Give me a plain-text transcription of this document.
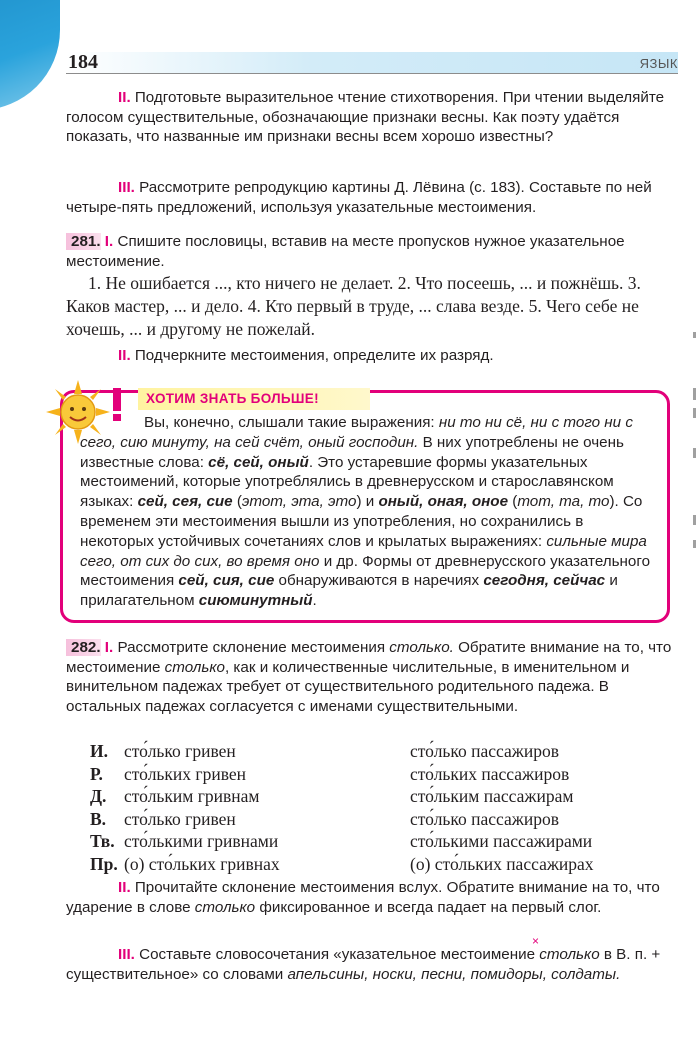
184	ЯЗЫК
II. Подготовьте выразительное чтение стихотворения. При чтении выделяйте голосом существительные, обозначающие признаки весны. Как поэту удаётся показать, что названные им признаки весны всем хорошо известны?
III. Рассмотрите репродукцию картины Д. Лёвина (с. 183). Составьте по ней четыре-пять предложений, используя указательные местоимения.
281. I. Спишите пословицы, вставив на месте пропусков нужное указательное местоимение.
1. Не ошибается ..., кто ничего не делает. 2. Что посеешь, ... и пожнёшь. 3. Каков мастер, ... и дело. 4. Кто первый в труде, ... слава везде. 5. Чего себе не хочешь, ... и другому не пожелай.
II. Подчеркните местоимения, определите их разряд.
ХОТИМ ЗНАТЬ БОЛЬШЕ!
Вы, конечно, слышали такие выражения: ни то ни сё, ни с того ни с сего, сию минуту, на сей счёт, оный господин. В них употреблены не очень известные слова: сё, сей, оный. Это устаревшие формы указательных местоимений, которые употреблялись в древнерусском и старославянском языках: сей, сея, сие (этот, эта, это) и оный, оная, оное (тот, та, то). Со временем эти местоимения вышли из употребления, но сохранились в некоторых устойчивых сочетаниях слов и крылатых выражениях: сильные мира сего, от сих до сих, во время оно и др. Формы от древнерусского указательного местоимения сей, сия, сие обнаруживаются в наречиях сегодня, сейчас и прилагательном сиюминутный.
282. I. Рассмотрите склонение местоимения столько. Обратите внимание на то, что местоимение столько, как и количественные числительные, в именительном и винительном падежах требует от существительного родительного падежа. В остальных падежах согласуется с именами существительными.
И. сто́лько гривен	сто́лько пассажиров
Р.	сто́льких гривен	сто́льких пассажиров
Д.	сто́льким гривнам	сто́льким пассажирам
В.	сто́лько гривен	сто́лько пассажиров
Тв. сто́лькими гривнами	сто́лькими пассажирами
Пр. (о) сто́льких гривнах	(о) сто́льких пассажирах
II. Прочитайте склонение местоимения вслух. Обратите внимание на то, что ударение в слове столько фиксированное и всегда падает на первый слог.
×
III. Составьте словосочетания «указательное местоимение столько в В. п. + существительное» со словами апельсины, носки, песни, помидоры, солдаты.
